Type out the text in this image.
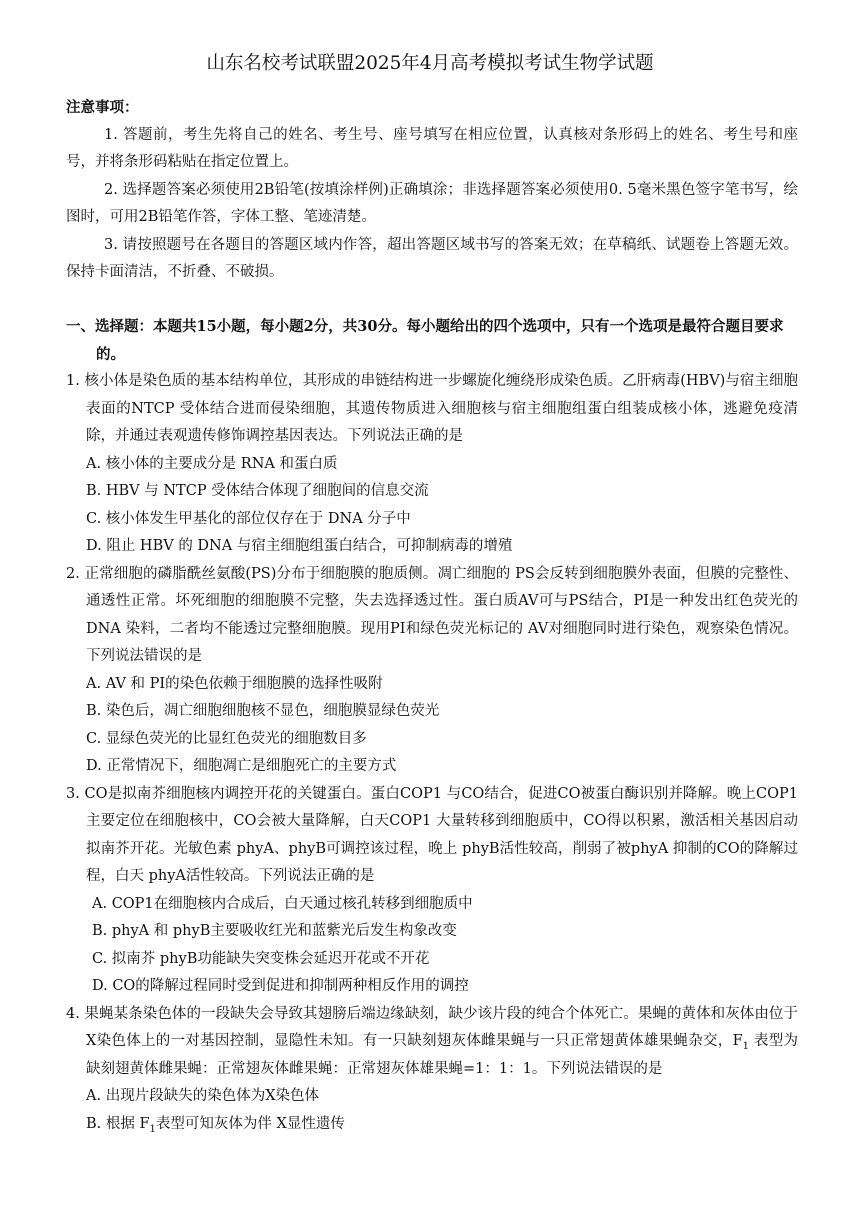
山东名校考试联盟2025年4月高考模拟考试生物学试题

注意事项：

1. 答题前，考生先将自己的姓名、考生号、座号填写在相应位置，认真核对条形码上的姓名、考生号和座号，并将条形码粘贴在指定位置上。

2. 选择题答案必须使用2B铅笔(按填涂样例)正确填涂；非选择题答案必须使用0. 5毫米黑色签字笔书写，绘图时，可用2B铅笔作答，字体工整、笔迹清楚。

3. 请按照题号在各题目的答题区域内作答，超出答题区域书写的答案无效；在草稿纸、试题卷上答题无效。保持卡面清洁，不折叠、不破损。

一、选择题：本题共15小题，每小题2分，共30分。每小题给出的四个选项中，只有一个选项是最符合题目要求的。

1. 核小体是染色质的基本结构单位，其形成的串链结构进一步螺旋化缠绕形成染色质。乙肝病毒(HBV)与宿主细胞表面的NTCP 受体结合进而侵染细胞，其遗传物质进入细胞核与宿主细胞组蛋白组装成核小体，逃避免疫清除，并通过表观遗传修饰调控基因表达。下列说法正确的是

A. 核小体的主要成分是 RNA 和蛋白质

B. HBV 与 NTCP 受体结合体现了细胞间的信息交流

C. 核小体发生甲基化的部位仅存在于 DNA 分子中

D. 阻止 HBV 的 DNA 与宿主细胞组蛋白结合，可抑制病毒的增殖

2. 正常细胞的磷脂酰丝氨酸(PS)分布于细胞膜的胞质侧。凋亡细胞的 PS会反转到细胞膜外表面，但膜的完整性、通透性正常。坏死细胞的细胞膜不完整，失去选择透过性。蛋白质AV可与PS结合，PI是一种发出红色荧光的 DNA 染料，二者均不能透过完整细胞膜。现用PI和绿色荧光标记的 AV对细胞同时进行染色，观察染色情况。下列说法错误的是

A. AV 和 PI的染色依赖于细胞膜的选择性吸附

B. 染色后，凋亡细胞细胞核不显色，细胞膜显绿色荧光

C. 显绿色荧光的比显红色荧光的细胞数目多

D. 正常情况下，细胞凋亡是细胞死亡的主要方式

3. CO是拟南芥细胞核内调控开花的关键蛋白。蛋白COP1 与CO结合，促进CO被蛋白酶识别并降解。晚上COP1 主要定位在细胞核中，CO会被大量降解，白天COP1 大量转移到细胞质中，CO得以积累，激活相关基因启动拟南芥开花。光敏色素 phyA、phyB可调控该过程，晚上 phyB活性较高，削弱了被phyA 抑制的CO的降解过程，白天 phyA活性较高。下列说法正确的是

A. COP1在细胞核内合成后，白天通过核孔转移到细胞质中

B. phyA 和 phyB主要吸收红光和蓝紫光后发生构象改变

C. 拟南芥 phyB功能缺失突变株会延迟开花或不开花

D. CO的降解过程同时受到促进和抑制两种相反作用的调控

4. 果蝇某条染色体的一段缺失会导致其翅膀后端边缘缺刻，缺少该片段的纯合个体死亡。果蝇的黄体和灰体由位于X染色体上的一对基因控制，显隐性未知。有一只缺刻翅灰体雌果蝇与一只正常翅黄体雄果蝇杂交，$F_1$ 表型为缺刻翅黄体雌果蝇：正常翅灰体雌果蝇：正常翅灰体雄果蝇=1：1：1。下列说法错误的是

A. 出现片段缺失的染色体为X染色体

B. 根据 $F_1$表型可知灰体为伴 X显性遗传
